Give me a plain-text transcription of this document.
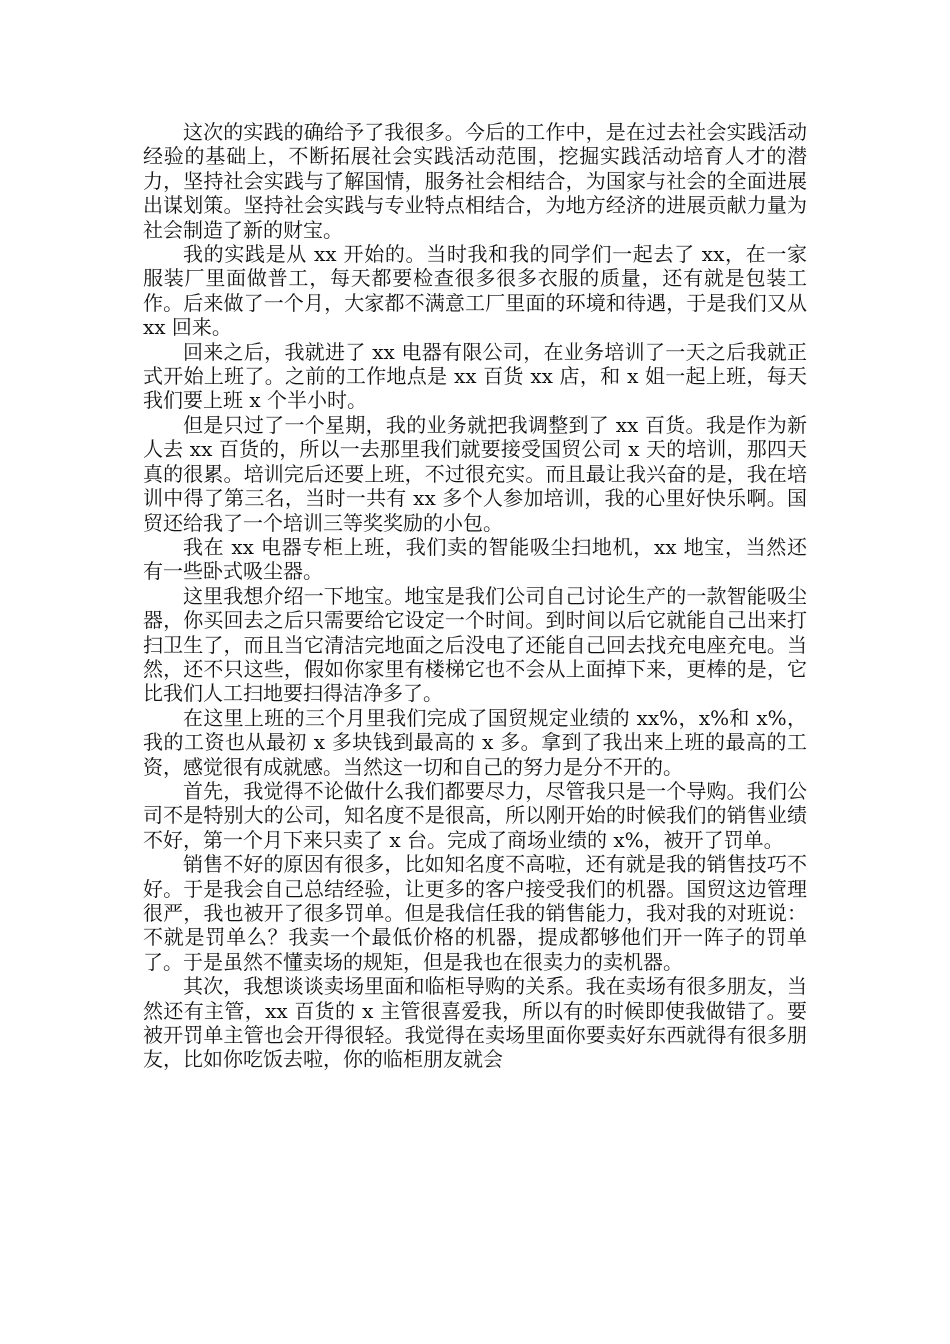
这次的实践的确给予了我很多。今后的工作中，是在过去社会实践活动经验的基础上，不断拓展社会实践活动范围，挖掘实践活动培育人才的潜力，坚持社会实践与了解国情，服务社会相结合，为国家与社会的全面进展出谋划策。坚持社会实践与专业特点相结合，为地方经济的进展贡献力量为社会制造了新的财宝。

我的实践是从 xx 开始的。当时我和我的同学们一起去了 xx，在一家服装厂里面做普工，每天都要检查很多很多衣服的质量，还有就是包装工作。后来做了一个月，大家都不满意工厂里面的环境和待遇，于是我们又从 xx 回来。

回来之后，我就进了 xx 电器有限公司，在业务培训了一天之后我就正式开始上班了。之前的工作地点是 xx 百货 xx 店，和 x 姐一起上班，每天我们要上班 x 个半小时。

但是只过了一个星期，我的业务就把我调整到了 xx 百货。我是作为新人去 xx 百货的，所以一去那里我们就要接受国贸公司 x 天的培训，那四天真的很累。培训完后还要上班，不过很充实。而且最让我兴奋的是，我在培训中得了第三名，当时一共有 xx 多个人参加培训，我的心里好快乐啊。国贸还给我了一个培训三等奖奖励的小包。

我在 xx 电器专柜上班，我们卖的智能吸尘扫地机，xx 地宝，当然还有一些卧式吸尘器。

这里我想介绍一下地宝。地宝是我们公司自己讨论生产的一款智能吸尘器，你买回去之后只需要给它设定一个时间。到时间以后它就能自己出来打扫卫生了，而且当它清洁完地面之后没电了还能自己回去找充电座充电。当然，还不只这些，假如你家里有楼梯它也不会从上面掉下来，更棒的是，它比我们人工扫地要扫得洁净多了。

在这里上班的三个月里我们完成了国贸规定业绩的 xx%，x%和 x%，我的工资也从最初 x 多块钱到最高的 x 多。拿到了我出来上班的最高的工资，感觉很有成就感。当然这一切和自己的努力是分不开的。

首先，我觉得不论做什么我们都要尽力，尽管我只是一个导购。我们公司不是特别大的公司，知名度不是很高，所以刚开始的时候我们的销售业绩不好，第一个月下来只卖了 x 台。完成了商场业绩的 x%，被开了罚单。

销售不好的原因有很多，比如知名度不高啦，还有就是我的销售技巧不好。于是我会自己总结经验，让更多的客户接受我们的机器。国贸这边管理很严，我也被开了很多罚单。但是我信任我的销售能力，我对我的对班说：不就是罚单么？我卖一个最低价格的机器，提成都够他们开一阵子的罚单了。于是虽然不懂卖场的规矩，但是我也在很卖力的卖机器。

其次，我想谈谈卖场里面和临柜导购的关系。我在卖场有很多朋友，当然还有主管，xx 百货的 x 主管很喜爱我，所以有的时候即使我做错了。要被开罚单主管也会开得很轻。我觉得在卖场里面你要卖好东西就得有很多朋友，比如你吃饭去啦，你的临柜朋友就会
